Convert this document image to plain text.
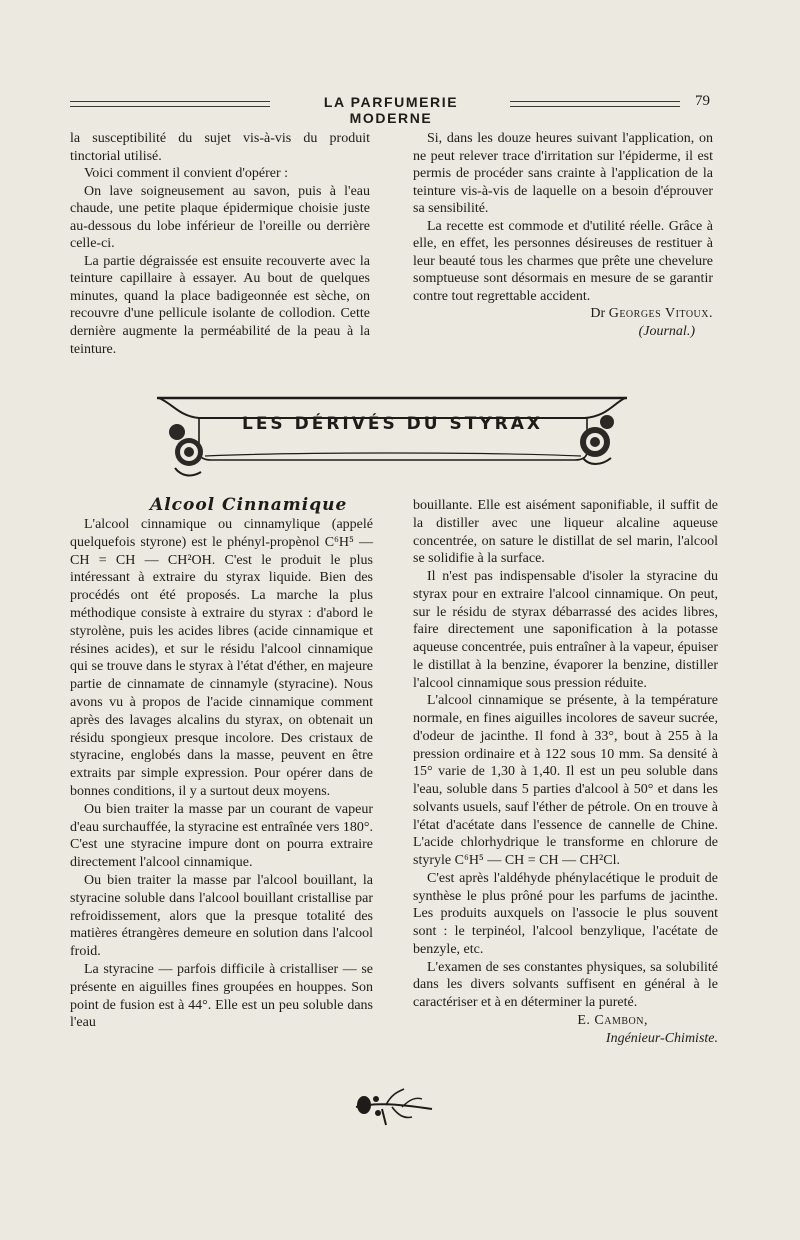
LA PARFUMERIE MODERNE
79

la susceptibilité du sujet vis-à-vis du produit tinctorial utilisé.

Voici comment il convient d'opérer :

On lave soigneusement au savon, puis à l'eau chaude, une petite plaque épidermique choisie juste au-dessous du lobe inférieur de l'oreille ou derrière celle-ci.

La partie dégraissée est ensuite recouverte avec la teinture capillaire à essayer. Au bout de quelques minutes, quand la place badigeonnée est sèche, on recouvre d'une pellicule isolante de collodion. Cette dernière augmente la perméabilité de la peau à la teinture.

Si, dans les douze heures suivant l'application, on ne peut relever trace d'irritation sur l'épiderme, il est permis de procéder sans crainte à l'application de la teinture vis-à-vis de laquelle on a besoin d'éprouver sa sensibilité.

La recette est commode et d'utilité réelle. Grâce à elle, en effet, les personnes désireuses de restituer à leur beauté tous les charmes que prête une chevelure somptueuse sont désormais en mesure de se garantir contre tout regrettable accident.

Dr Georges Vitoux.
(Journal.)
LES DÉRIVÉS DU STYRAX
Alcool Cinnamique

L'alcool cinnamique ou cinnamylique (appelé quelquefois styrone) est le phényl-propènol C⁶H⁵ — CH = CH — CH²OH. C'est le produit le plus intéressant à extraire du styrax liquide. Bien des procédés ont été proposés. La marche la plus méthodique consiste à extraire du styrax : d'abord le styrolène, puis les acides libres (acide cinnamique et résines acides), et sur le résidu l'alcool cinnamique qui se trouve dans le styrax à l'état d'éther, en majeure partie de cinnamate de cinnamyle (styracine). Nous avons vu à propos de l'acide cinnamique comment après des lavages alcalins du styrax, on obtenait un résidu spongieux presque incolore. Des cristaux de styracine, englobés dans la masse, peuvent en être extraits par simple expression. Pour opérer dans de bonnes conditions, il y a surtout deux moyens.

Ou bien traiter la masse par un courant de vapeur d'eau surchauffée, la styracine est entraînée vers 180°. C'est une styracine impure dont on pourra extraire directement l'alcool cinnamique.

Ou bien traiter la masse par l'alcool bouillant, la styracine soluble dans l'alcool bouillant cristallise par refroidissement, alors que la presque totalité des matières étrangères demeure en solution dans l'alcool froid.

La styracine — parfois difficile à cristalliser — se présente en aiguilles fines groupées en houppes. Son point de fusion est à 44°. Elle est un peu soluble dans l'eau

bouillante. Elle est aisément saponifiable, il suffit de la distiller avec une liqueur alcaline aqueuse concentrée, on sature le distillat de sel marin, l'alcool se solidifie à la surface.

Il n'est pas indispensable d'isoler la styracine du styrax pour en extraire l'alcool cinnamique. On peut, sur le résidu de styrax débarrassé des acides libres, faire directement une saponification à la potasse aqueuse concentrée, puis entraîner à la vapeur, épuiser le distillat à la benzine, évaporer la benzine, distiller l'alcool cinnamique sous pression réduite.

L'alcool cinnamique se présente, à la température normale, en fines aiguilles incolores de saveur sucrée, d'odeur de jacinthe. Il fond à 33°, bout à 255 à la pression ordinaire et à 122 sous 10 mm. Sa densité à 15° varie de 1,30 à 1,40. Il est un peu soluble dans l'eau, soluble dans 5 parties d'alcool à 50° et dans les solvants usuels, sauf l'éther de pétrole. On en trouve à l'état d'acétate dans l'essence de cannelle de Chine. L'acide chlorhydrique le transforme en chlorure de styryle C⁶H⁵ — CH = CH — CH²Cl.

C'est après l'aldéhyde phénylacétique le produit de synthèse le plus prôné pour les parfums de jacinthe. Les produits auxquels on l'associe le plus souvent sont : le terpinéol, l'alcool benzylique, l'acétate de benzyle, etc.

L'examen de ses constantes physiques, sa solubilité dans les divers solvants suffisent en général à le caractériser et à en déterminer la pureté.

E. Cambon,
Ingénieur-Chimiste.
